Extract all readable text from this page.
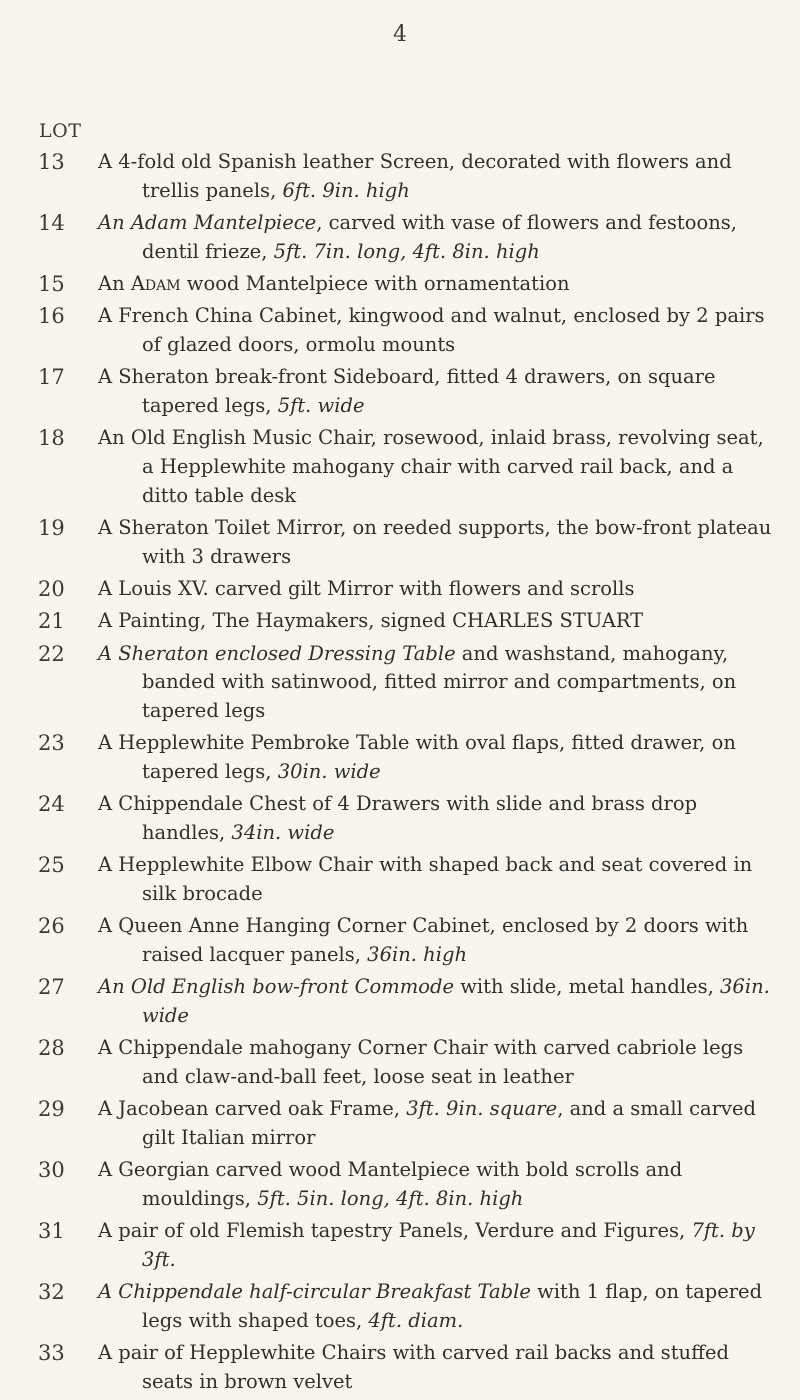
4
LOT
13	A 4-fold old Spanish leather Screen, decorated with flowers and trellis panels, 6ft. 9in. high
14	An Adam Mantelpiece, carved with vase of flowers and festoons, dentil frieze, 5ft. 7in. long, 4ft. 8in. high
15	An Adam wood Mantelpiece with ornamentation
16	A French China Cabinet, kingwood and walnut, enclosed by 2 pairs of glazed doors, ormolu mounts
17	A Sheraton break-front Sideboard, fitted 4 drawers, on square tapered legs, 5ft. wide
18	An Old English Music Chair, rosewood, inlaid brass, revolving seat, a Hepplewhite mahogany chair with carved rail back, and a ditto table desk
19	A Sheraton Toilet Mirror, on reeded supports, the bow-front plateau with 3 drawers
20	A Louis XV. carved gilt Mirror with flowers and scrolls
21	A Painting, The Haymakers, signed CHARLES STUART
22	A Sheraton enclosed Dressing Table and washstand, mahogany, banded with satinwood, fitted mirror and compartments, on tapered legs
23	A Hepplewhite Pembroke Table with oval flaps, fitted drawer, on tapered legs, 30in. wide
24	A Chippendale Chest of 4 Drawers with slide and brass drop handles, 34in. wide
25	A Hepplewhite Elbow Chair with shaped back and seat covered in silk brocade
26	A Queen Anne Hanging Corner Cabinet, enclosed by 2 doors with raised lacquer panels, 36in. high
27	An Old English bow-front Commode with slide, metal handles, 36in. wide
28	A Chippendale mahogany Corner Chair with carved cabriole legs and claw-and-ball feet, loose seat in leather
29	A Jacobean carved oak Frame, 3ft. 9in. square, and a small carved gilt Italian mirror
30	A Georgian carved wood Mantelpiece with bold scrolls and mouldings, 5ft. 5in. long, 4ft. 8in. high
31	A pair of old Flemish tapestry Panels, Verdure and Figures, 7ft. by 3ft.
32	A Chippendale half-circular Breakfast Table with 1 flap, on tapered legs with shaped toes, 4ft. diam.
33	A pair of Hepplewhite Chairs with carved rail backs and stuffed seats in brown velvet
